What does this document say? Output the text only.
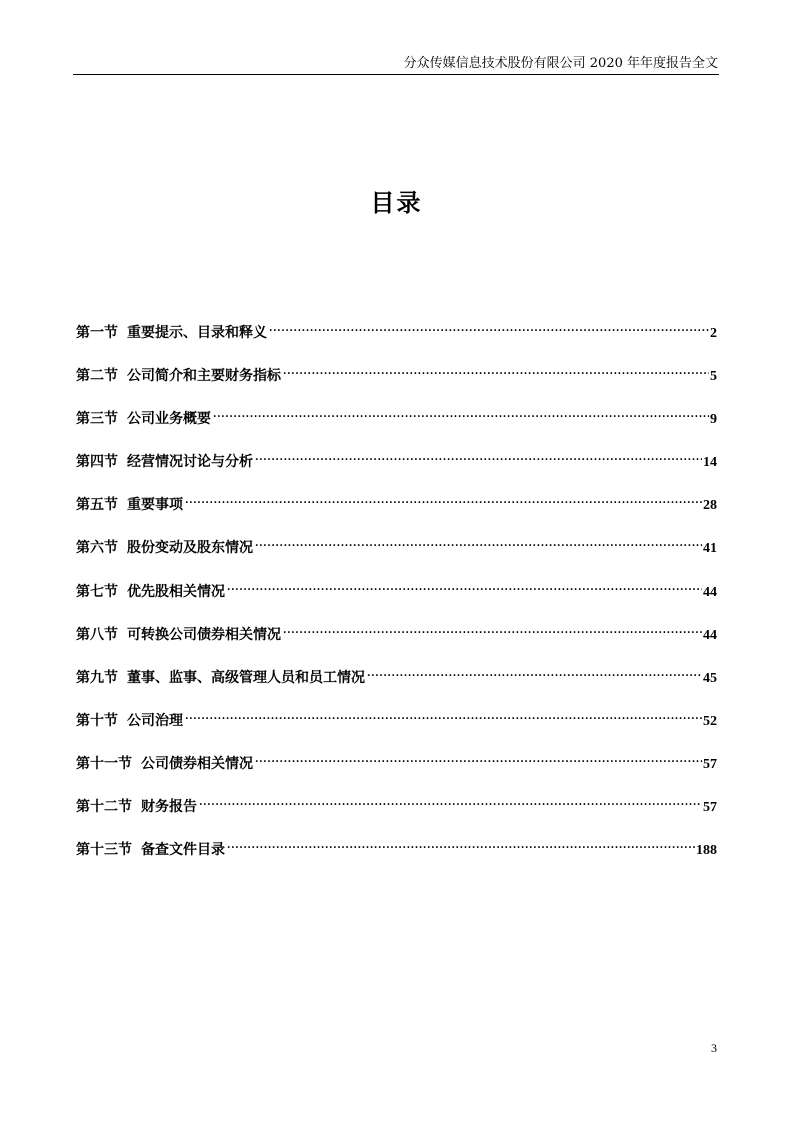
分众传媒信息技术股份有限公司 2020 年年度报告全文
目录
第一节 重要提示、目录和释义 .....	2
第二节 公司简介和主要财务指标 .....	5
第三节 公司业务概要 .....	9
第四节 经营情况讨论与分析 .....	14
第五节 重要事项 .....	28
第六节 股份变动及股东情况 .....	41
第七节 优先股相关情况 .....	44
第八节 可转换公司债券相关情况 .....	44
第九节 董事、监事、高级管理人员和员工情况 .....	45
第十节 公司治理 .....	52
第十一节 公司债券相关情况 .....	57
第十二节 财务报告 .....	57
第十三节 备查文件目录 .....	188
3
